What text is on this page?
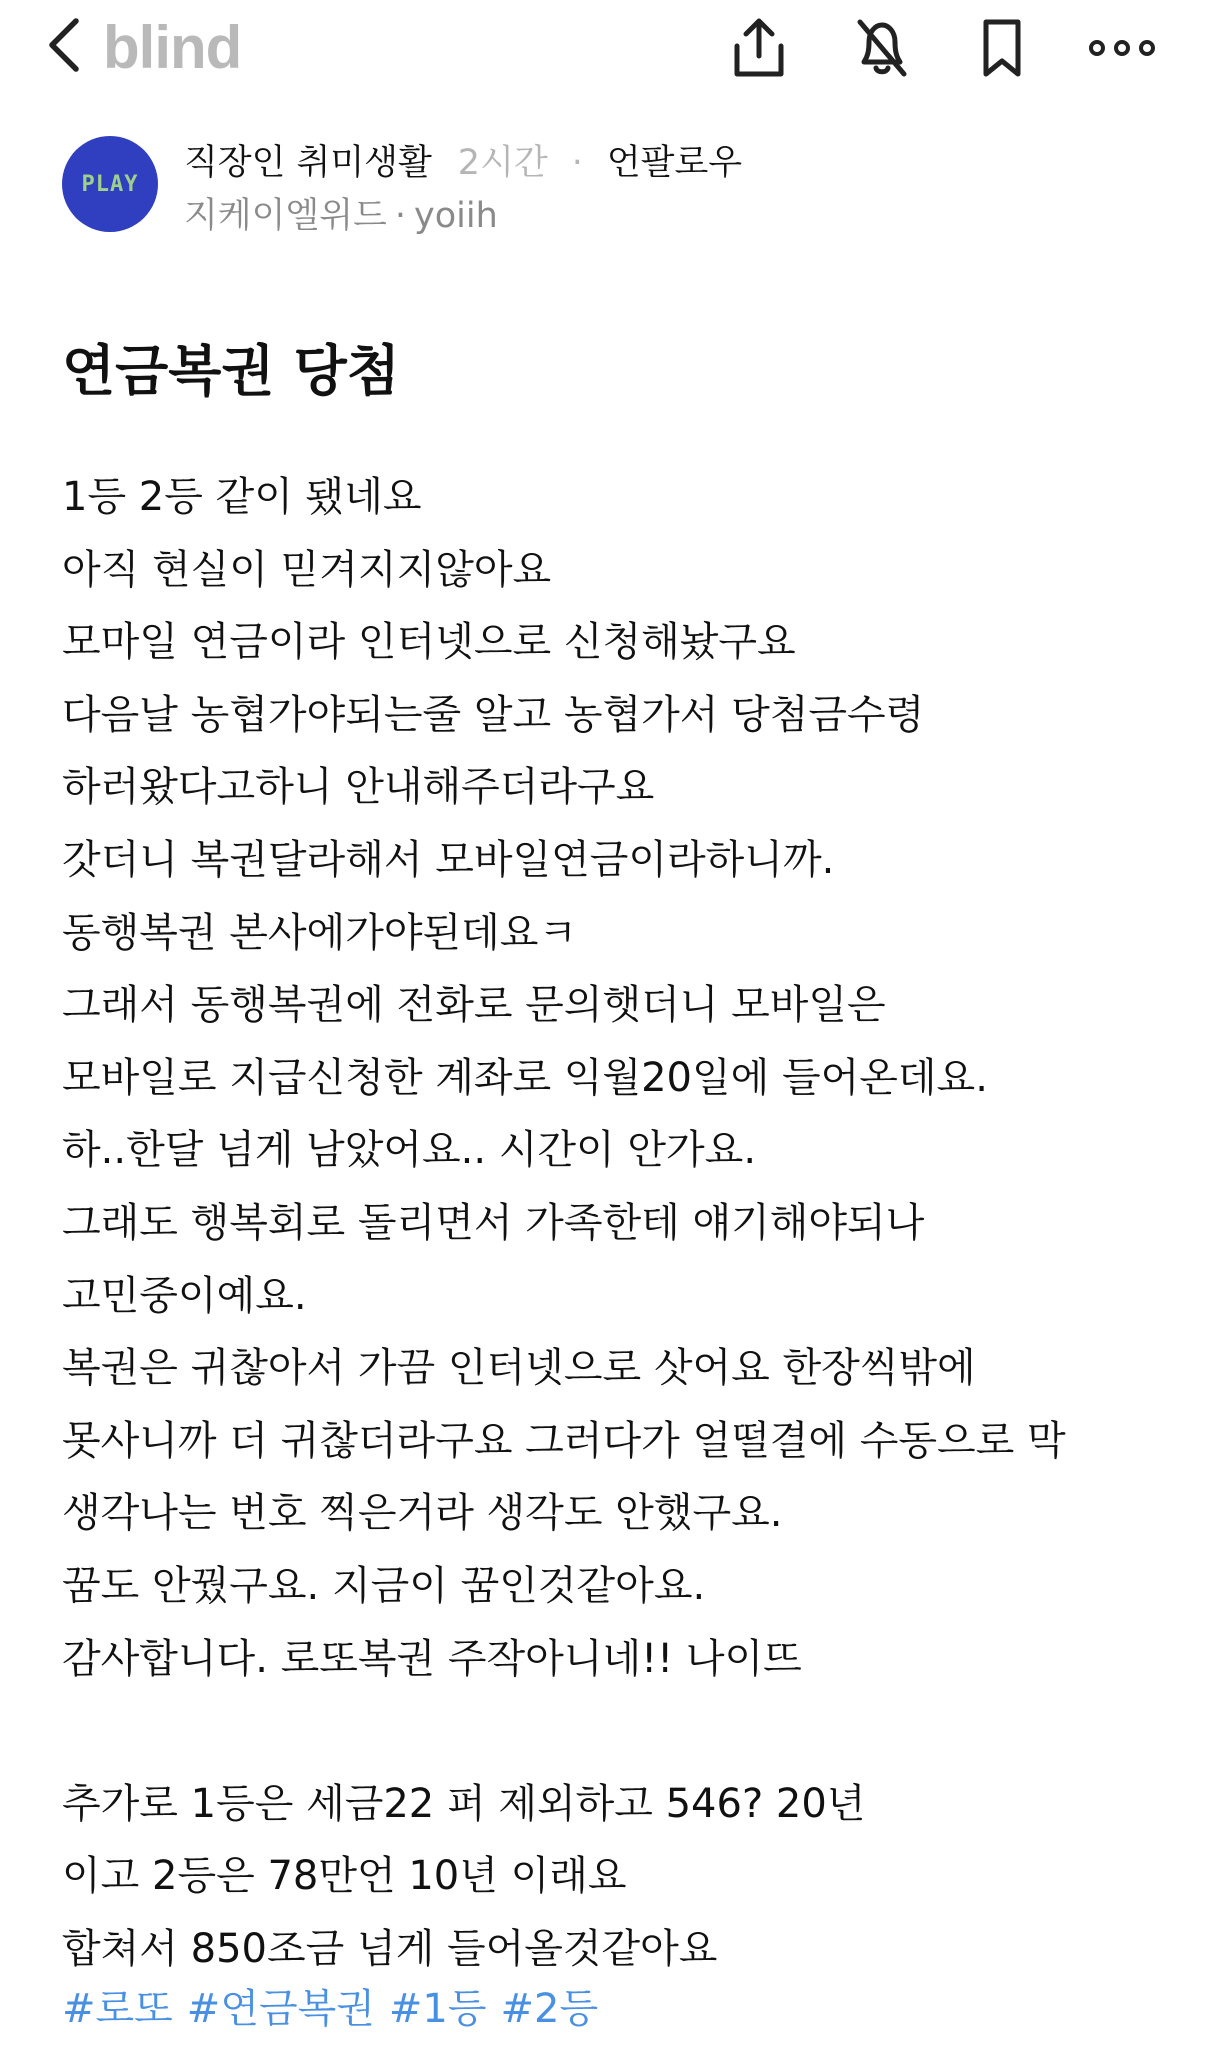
blind
PLAY
직장인 취미생활 2시간 · 언팔로우
지케이엘위드 · yoiih
연금복권 당첨
1등 2등 같이 됐네요
아직 현실이 믿겨지지않아요
모마일 연금이라 인터넷으로 신청해놨구요
다음날 농협가야되는줄 알고 농협가서 당첨금수령
하러왔다고하니 안내해주더라구요
갓더니 복권달라해서 모바일연금이라하니까.
동행복권 본사에가야된데요ㅋ
그래서 동행복권에 전화로 문의햇더니 모바일은
모바일로 지급신청한 계좌로 익월20일에 들어온데요.
하..한달 넘게 남았어요.. 시간이 안가요.
그래도 행복회로 돌리면서 가족한테 얘기해야되나
고민중이예요.
복권은 귀찮아서 가끔 인터넷으로 삿어요 한장씩밖에
못사니까 더 귀찮더라구요 그러다가 얼떨결에 수동으로 막
생각나는 번호 찍은거라 생각도 안했구요.
꿈도 안꿨구요. 지금이 꿈인것같아요.
감사합니다. 로또복권 주작아니네!! 나이뜨
추가로 1등은 세금22 퍼 제외하고 546? 20년
이고 2등은 78만언 10년 이래요
합쳐서 850조금 넘게 들어올것같아요
#로또 #연금복권 #1등 #2등
